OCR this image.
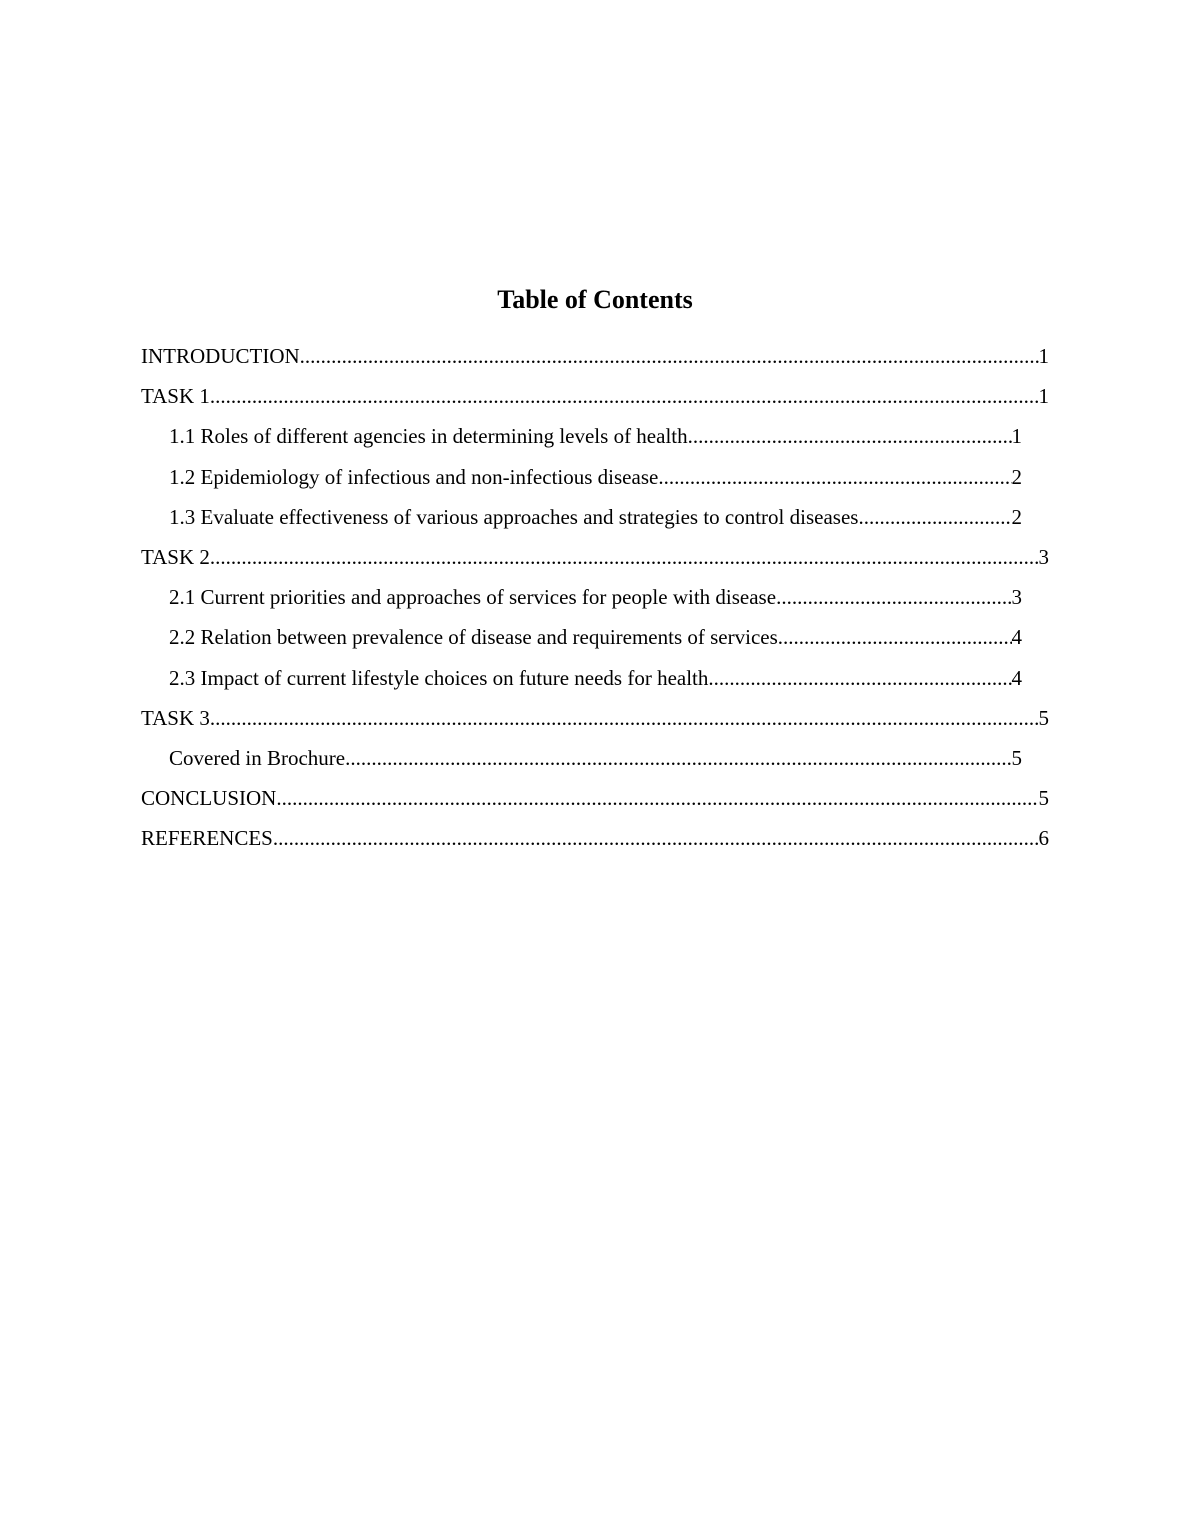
Table of Contents
INTRODUCTION .....	1
TASK 1 .....	1
1.1 Roles of different agencies in determining levels of health .....	1
1.2 Epidemiology of infectious and non-infectious disease .....	2
1.3 Evaluate effectiveness of various approaches and strategies to control diseases .....	2
TASK 2 .....	3
2.1 Current priorities and approaches of services for people with disease .....	3
2.2 Relation between prevalence of disease and requirements of services .....	4
2.3 Impact of current lifestyle choices on future needs for health .....	4
TASK 3 .....	5
Covered in Brochure .....	5
CONCLUSION .....	5
REFERENCES .....	6
